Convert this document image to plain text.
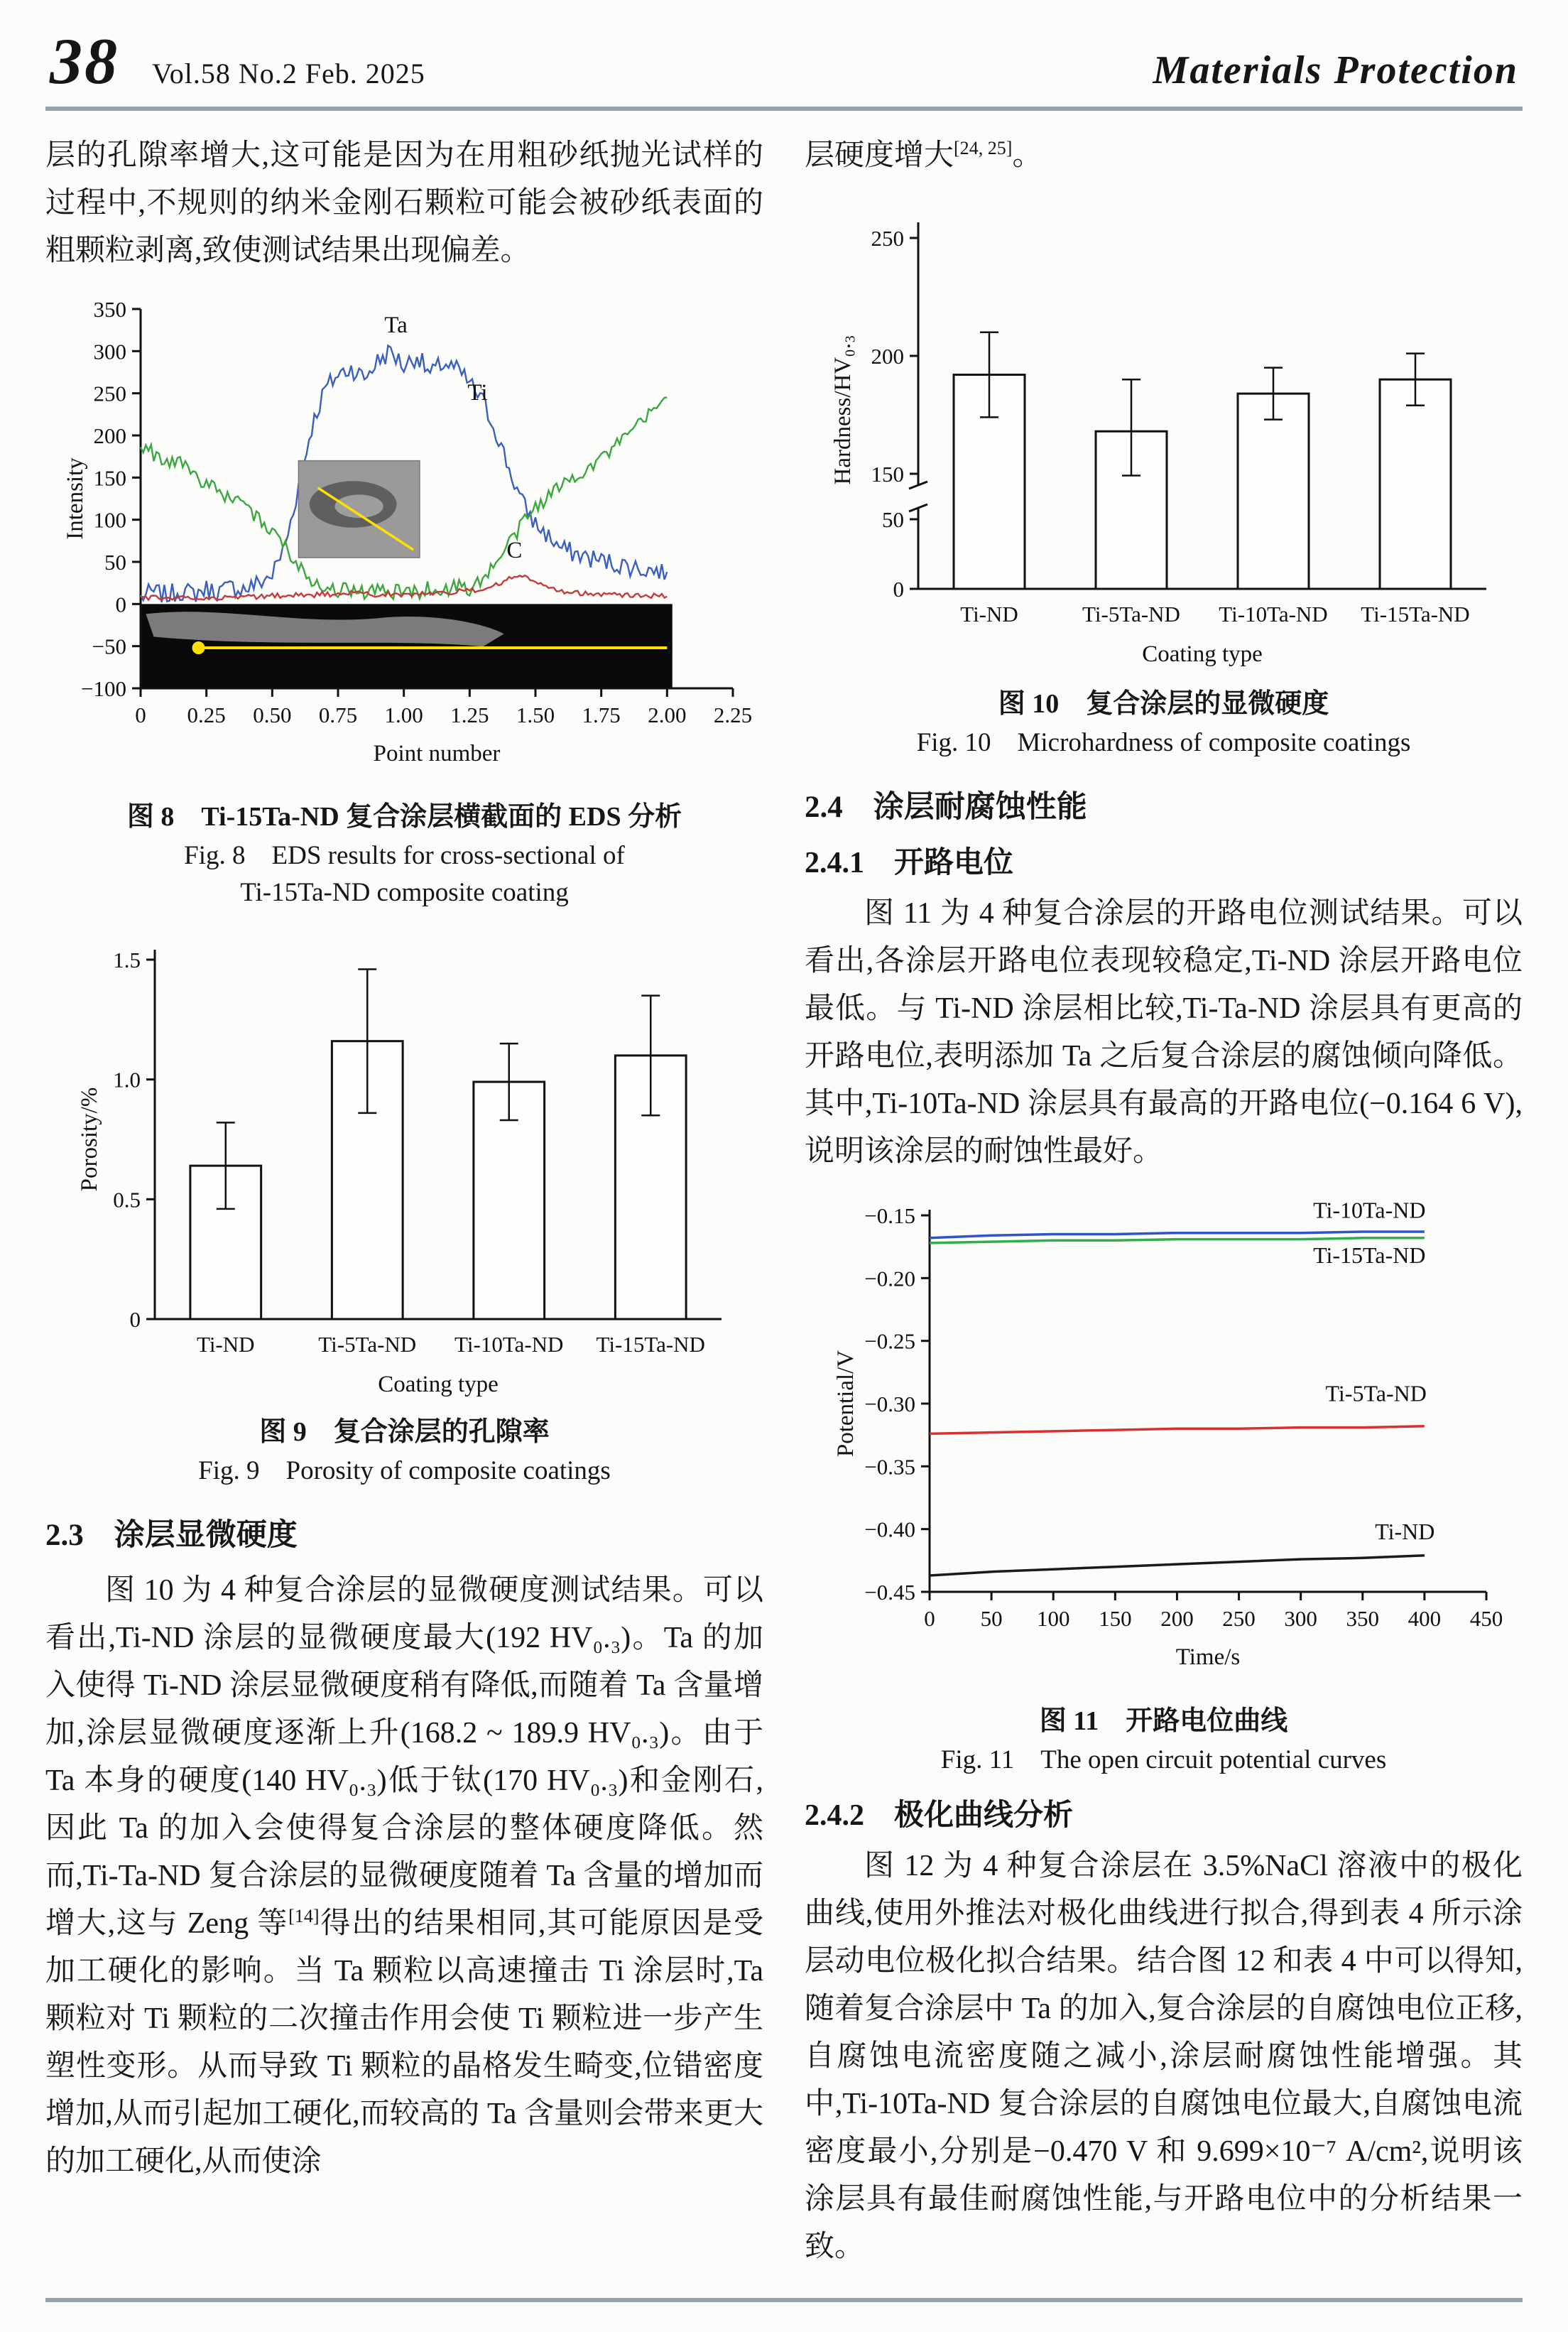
38 Vol.58 No.2 Feb. 2025	Materials Protection

层的孔隙率增大,这可能是因为在用粗砂纸抛光试样的过程中,不规则的纳米金刚石颗粒可能会被砂纸表面的粗颗粒剥离,致使测试结果出现偏差。

−100
−50
0
50
100
150
200
250
300
350
0 0.25 0.50 0.75 1.00 1.25 1.50 1.75 2.00 2.25
Point number
Intensity
Ta
Ti
C
图 8　Ti-15Ta-ND 复合涂层横截面的 EDS 分析
Fig. 8　EDS results for cross-sectional of
Ti-15Ta-ND composite coating
0
0.5
1.0
1.5
Ti-ND	Ti-5Ta-ND Ti-10Ta-ND Ti-15Ta-ND
Coating type
Porosity/%
图 9　复合涂层的孔隙率
Fig. 9　Porosity of composite coatings
2.3　涂层显微硬度

图 10 为 4 种复合涂层的显微硬度测试结果。可以看出,Ti-ND 涂层的显微硬度最大(192 HV₀.₃)。Ta 的加入使得 Ti-ND 涂层显微硬度稍有降低,而随着 Ta 含量增加,涂层显微硬度逐渐上升(168.2 ~ 189.9 HV₀.₃)。由于 Ta 本身的硬度(140 HV₀.₃)低于钛(170 HV₀.₃)和金刚石,因此 Ta 的加入会使得复合涂层的整体硬度降低。然而,Ti-Ta-ND 复合涂层的显微硬度随着 Ta 含量的增加而增大,这与 Zeng 等[14]得出的结果相同,其可能原因是受加工硬化的影响。当 Ta 颗粒以高速撞击 Ti 涂层时,Ta 颗粒对 Ti 颗粒的二次撞击作用会使 Ti 颗粒进一步产生塑性变形。从而导致 Ti 颗粒的晶格发生畸变,位错密度增加,从而引起加工硬化,而较高的 Ta 含量则会带来更大的加工硬化,从而使涂

层硬度增大[24, 25]。

0
50
150
200
250
Ti-ND	Ti-5Ta-ND Ti-10Ta-ND Ti-15Ta-ND
Coating type
Hardness/HV₀.₃
图 10　复合涂层的显微硬度
Fig. 10　Microhardness of composite coatings
2.4　涂层耐腐蚀性能
2.4.1　开路电位

图 11 为 4 种复合涂层的开路电位测试结果。可以看出,各涂层开路电位表现较稳定,Ti-ND 涂层开路电位最低。与 Ti-ND 涂层相比较,Ti-Ta-ND 涂层具有更高的开路电位,表明添加 Ta 之后复合涂层的腐蚀倾向降低。其中,Ti-10Ta-ND 涂层具有最高的开路电位(−0.164 6 V),说明该涂层的耐蚀性最好。

−0.45
−0.40
−0.35
−0.30
−0.25
−0.20
−0.15
0 50 100 150 200 250 300 350 400 450
Ti-10Ta-ND
Ti-15Ta-ND
Ti-5Ta-ND
Ti-ND
Time/s
Potential/V
图 11　开路电位曲线
Fig. 11　The open circuit potential curves
2.4.2　极化曲线分析

图 12 为 4 种复合涂层在 3.5%NaCl 溶液中的极化曲线,使用外推法对极化曲线进行拟合,得到表 4 所示涂层动电位极化拟合结果。结合图 12 和表 4 中可以得知,随着复合涂层中 Ta 的加入,复合涂层的自腐蚀电位正移,自腐蚀电流密度随之减小,涂层耐腐蚀性能增强。其中,Ti-10Ta-ND 复合涂层的自腐蚀电位最大,自腐蚀电流密度最小,分别是−0.470 V 和 9.699×10⁻⁷ A/cm²,说明该涂层具有最佳耐腐蚀性能,与开路电位中的分析结果一致。
